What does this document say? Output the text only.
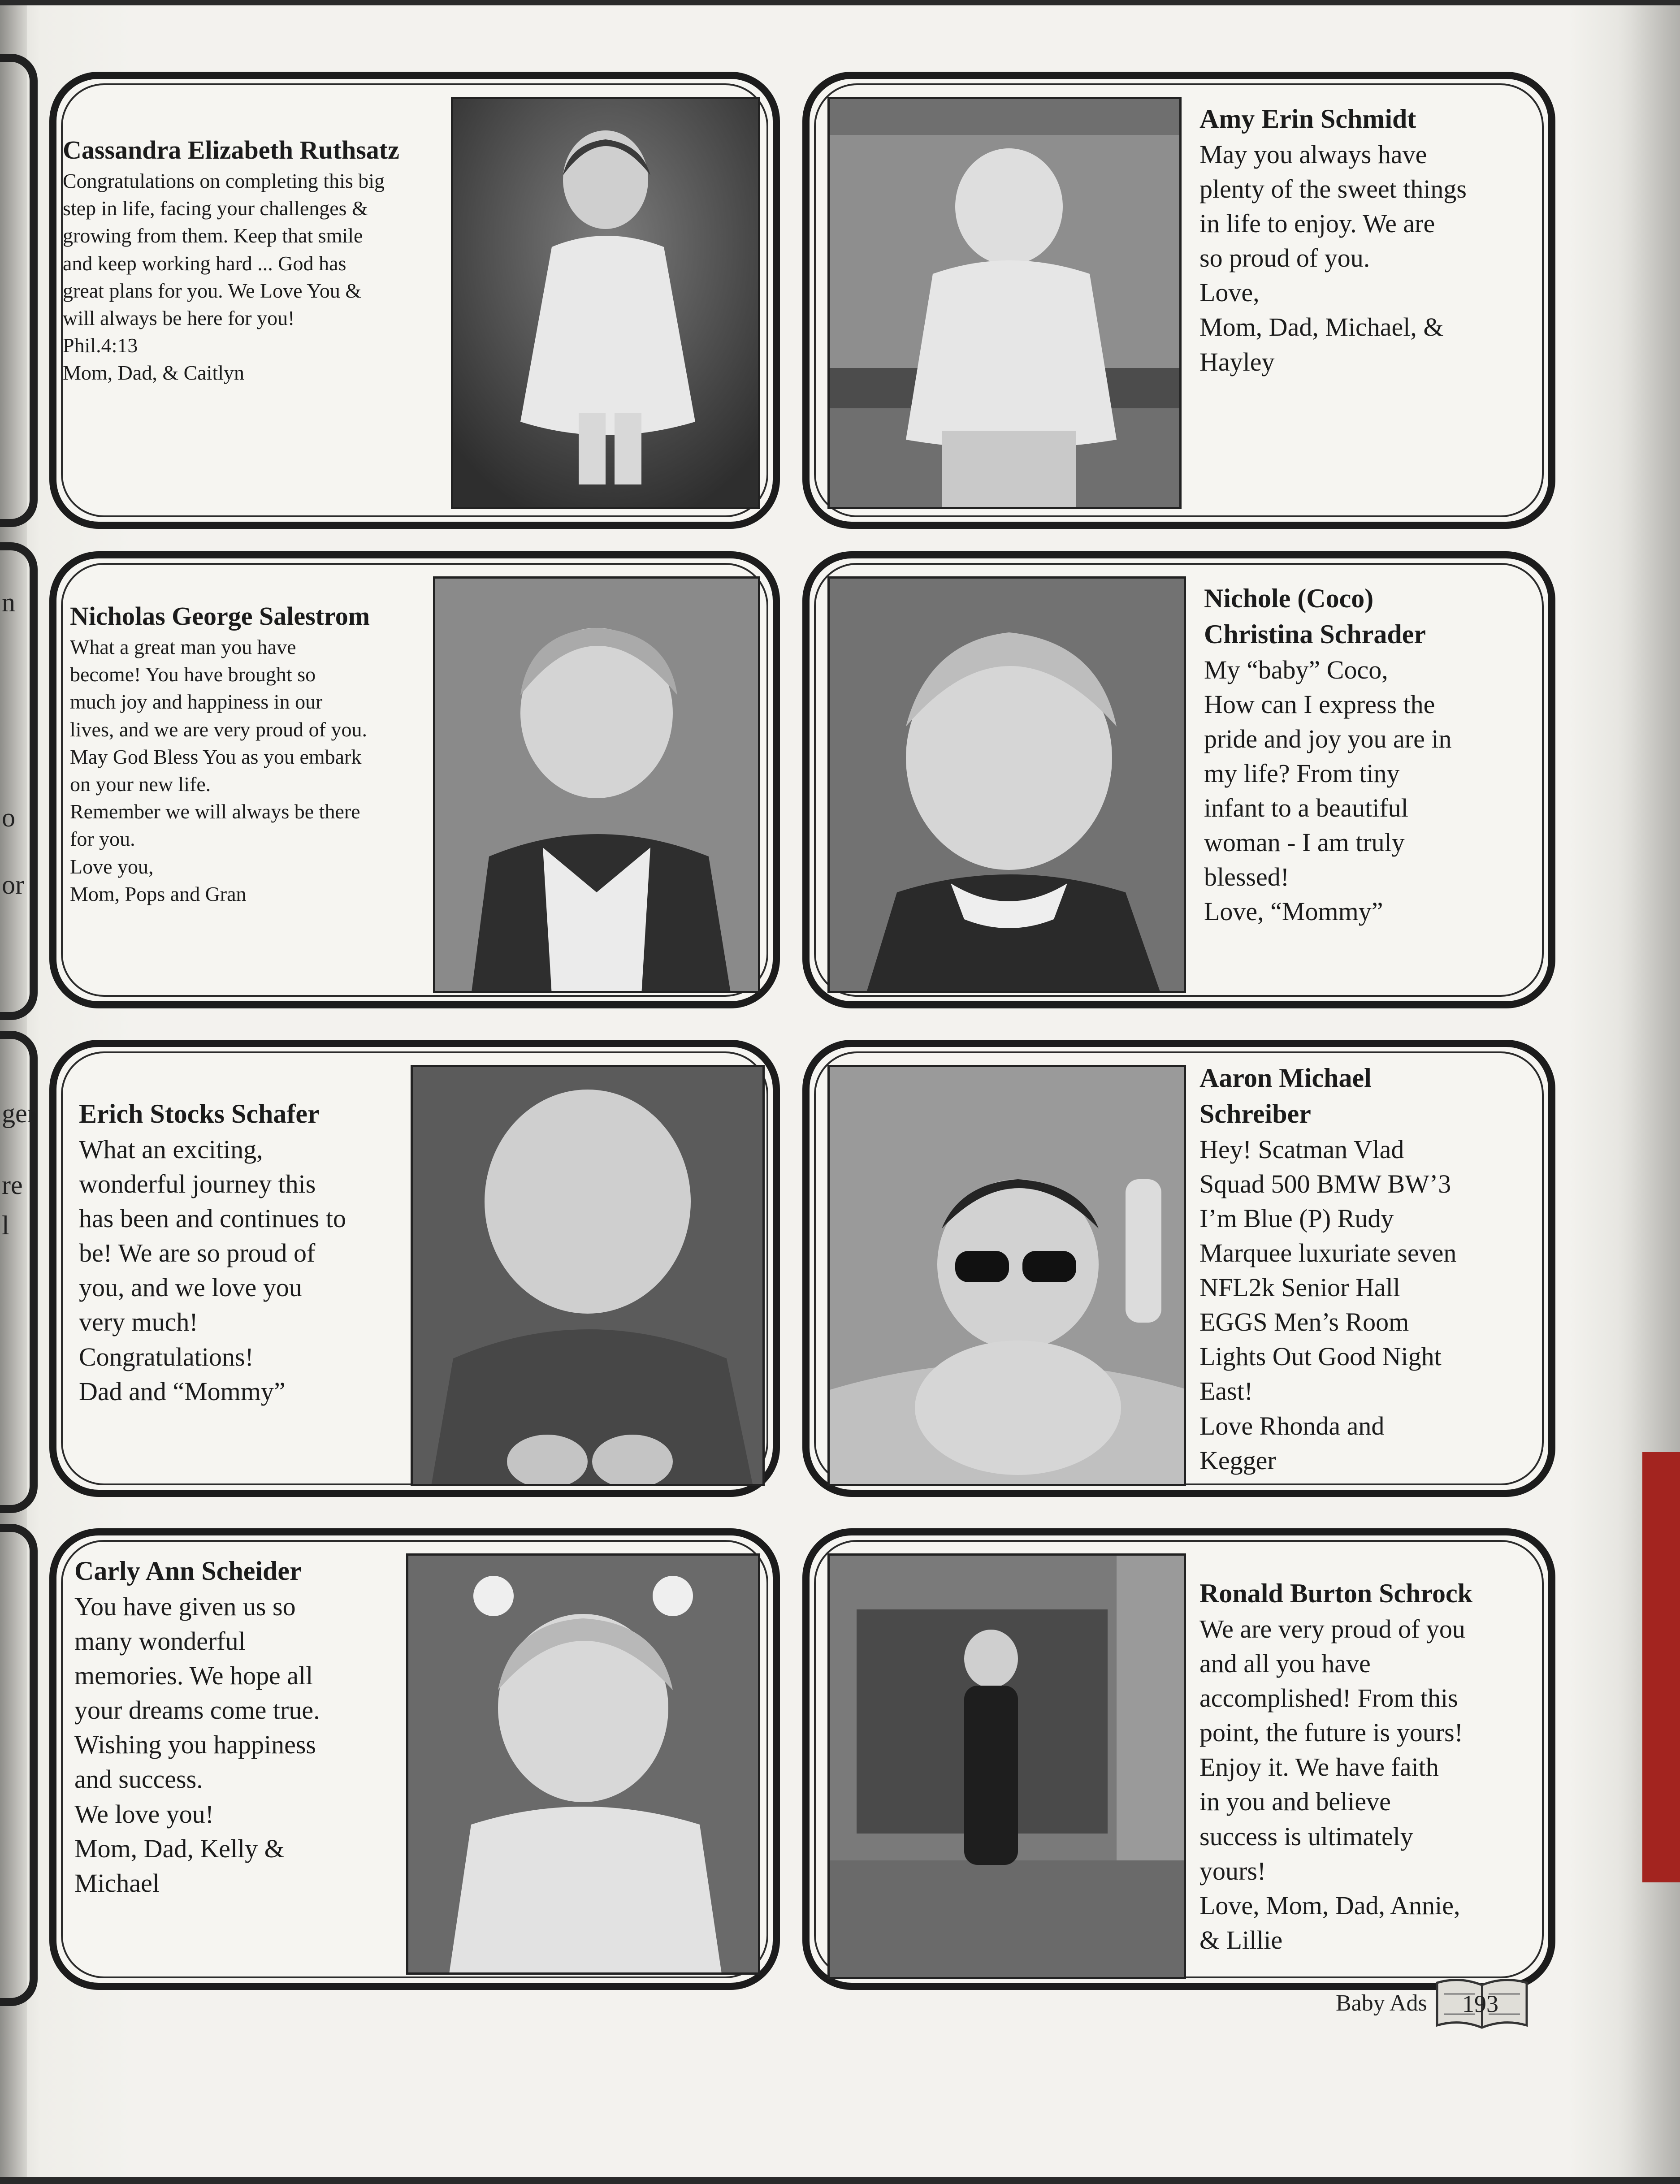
n
o
or
ger
re
l
Cassandra Elizabeth Ruthsatz
Congratulations on completing this big
step in life, facing your challenges &
growing from them. Keep that smile
and keep working hard ... God has
great plans for you. We Love You &
will always be here for you!
Phil.4:13
Mom, Dad, & Caitlyn
Amy Erin Schmidt
May you always have
plenty of the sweet things
in life to enjoy. We are
so proud of you.
Love,
Mom, Dad, Michael, &
Hayley
Nicholas George Salestrom
What a great man you have
become! You have brought so
much joy and happiness in our
lives, and we are very proud of you.
May God Bless You as you embark
on your new life.
Remember we will always be there
for you.
Love you,
Mom, Pops and Gran
Nichole (Coco)
Christina Schrader
My “baby” Coco,
How can I express the
pride and joy you are in
my life? From tiny
infant to a beautiful
woman - I am truly
blessed!
Love, “Mommy”
Erich Stocks Schafer
What an exciting,
wonderful journey this
has been and continues to
be! We are so proud of
you, and we love you
very much!
Congratulations!
Dad and “Mommy”
Aaron Michael
Schreiber
Hey! Scatman Vlad
Squad 500 BMW BW’3
I’m Blue (P) Rudy
Marquee luxuriate seven
NFL2k Senior Hall
EGGS Men’s Room
Lights Out Good Night
East!
Love Rhonda and
Kegger
Carly Ann Scheider
You have given us so
many wonderful
memories. We hope all
your dreams come true.
Wishing you happiness
and success.
We love you!
Mom, Dad, Kelly &
Michael
Ronald Burton Schrock
We are very proud of you
and all you have
accomplished! From this
point, the future is yours!
Enjoy it. We have faith
in you and believe
success is ultimately
yours!
Love, Mom, Dad, Annie,
& Lillie
Baby Ads 193
